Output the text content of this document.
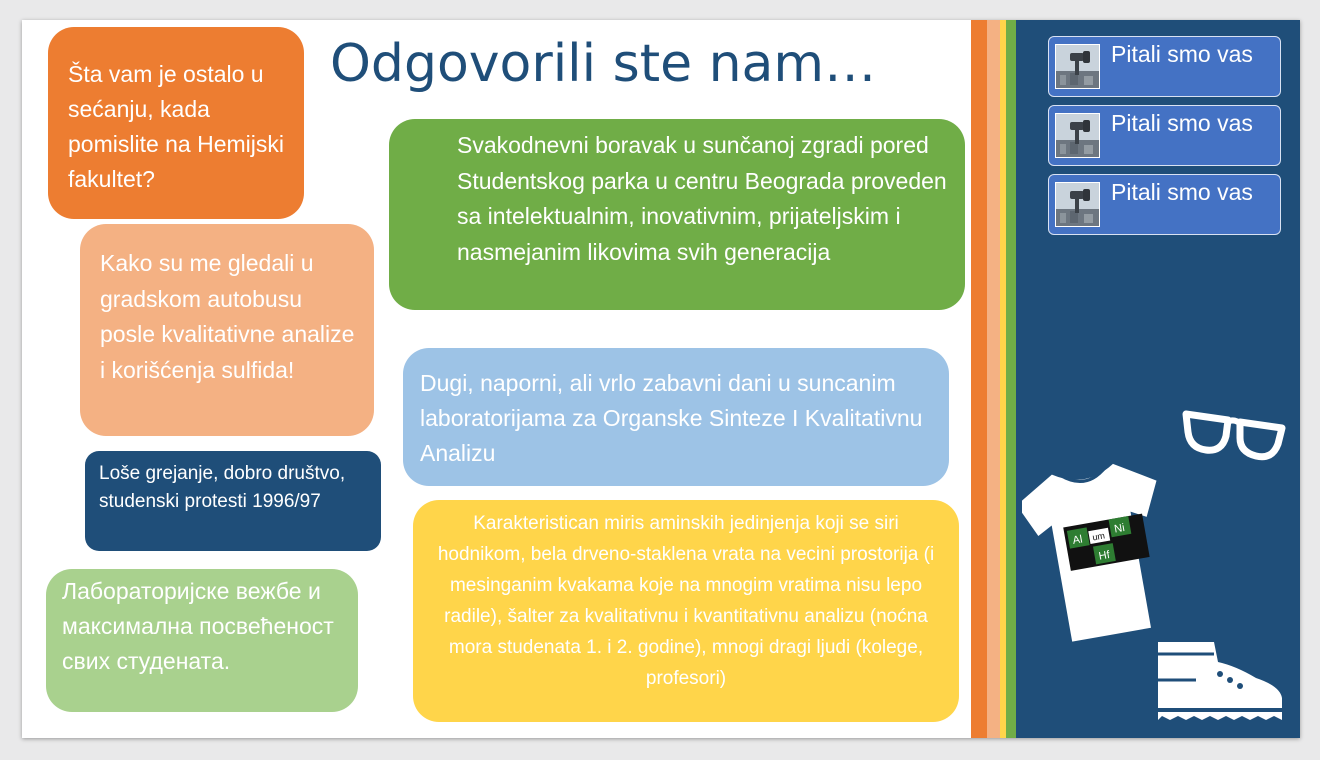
Odgovorili ste nam…
Šta vam je ostalo u sećanju, kada pomislite na Hemijski fakultet?
Kako su me gledali u gradskom autobusu posle kvalitativne analize i korišćenja sulfida!
Loše grejanje, dobro društvo, studenski protesti 1996/97
Лабораторијске вежбе и максимална посвећеност свих студената.
Svakodnevni boravak u sunčanoj zgradi pored Studentskog parka u centru Beograda proveden sa intelektualnim, inovativnim, prijateljskim i nasmejanim likovima svih generacija
Dugi, naporni, ali vrlo zabavni dani u suncanim laboratorijama za Organske Sinteze I Kvalitativnu Analizu
Karakteristican miris aminskih jedinjenja koji se siri hodnikom, bela drveno-staklena vrata na vecini prostorija (i mesinganim kvakama koje na mnogim vratima nisu lepo radile), šalter za kvalitativnu i kvantitativnu analizu (noćna mora studenata 1. i 2. godine), mnogi dragi ljudi (kolege, profesori)
Pitali smo vas
Pitali smo vas
Pitali smo vas
Al um
Ni
Hf
